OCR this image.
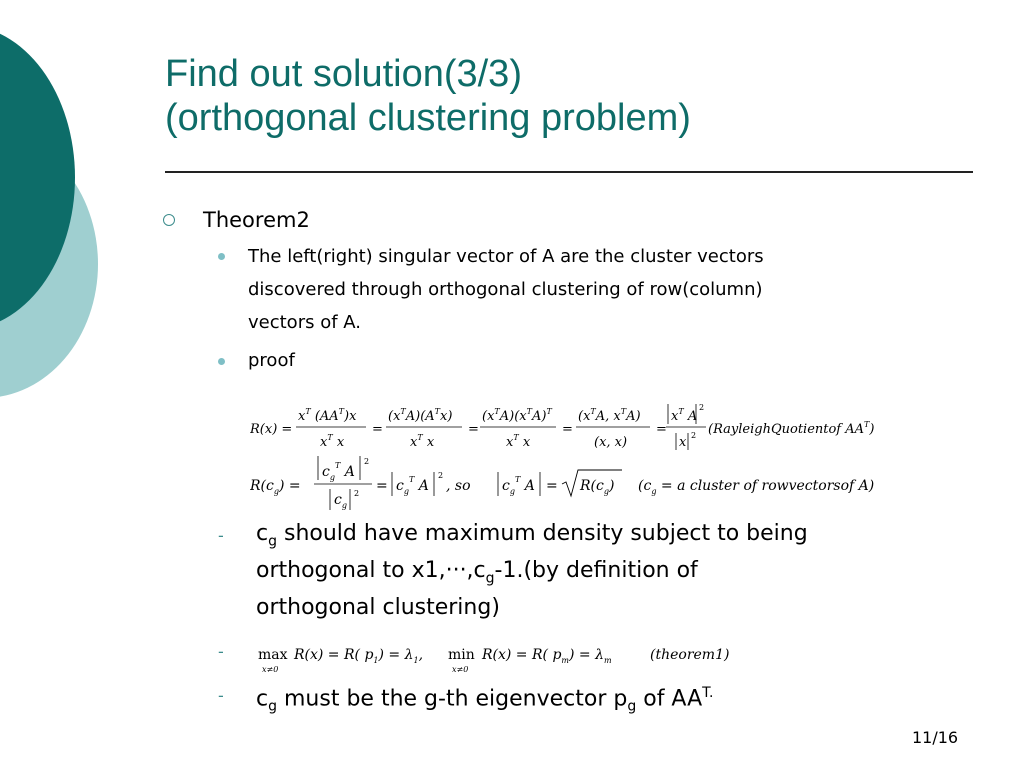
Find out solution(3/3)
(orthogonal clustering problem)
Theorem2
The left(right) singular vector of A are the cluster vectors
discovered through orthogonal clustering of row(column)
vectors of A.
proof
R(x) =
$x^T$ $(AA^T)x$
$x^T$ x
=
$(x^TA)(A^Tx)$
$x^T$ x
=
$(x^TA)(x^TA)^T$
$x^T$ x
=
($x^TA$, $x^TA$)
(x, x)
=
$x^T$ A
2
x 2 (RayleighQuotientof $AA^T$)
$R(c_g)$ =
$c_g^T$ A
2
$c_g$
$2 = c_g^T$ A
2
, so $c_g^T$ $A = R(c_g) (c_g = a$ cluster of rowvectorsof A)
- $c_g$ should have maximum density subject to being
orthogonal to $x1,\cdot\cdot\cdot,c_g-1.(by$ definition of
orthogonal clustering)
- max
x≠0
R(x) = R( $p_1) = \lambda_1$, min
x≠0
R(x) = R( $p_m) = \lambda_m$	(theorem1)
- $c_g$ must be the g-th eigenvector $p_g$ of $AA^{T.}$
11/16
